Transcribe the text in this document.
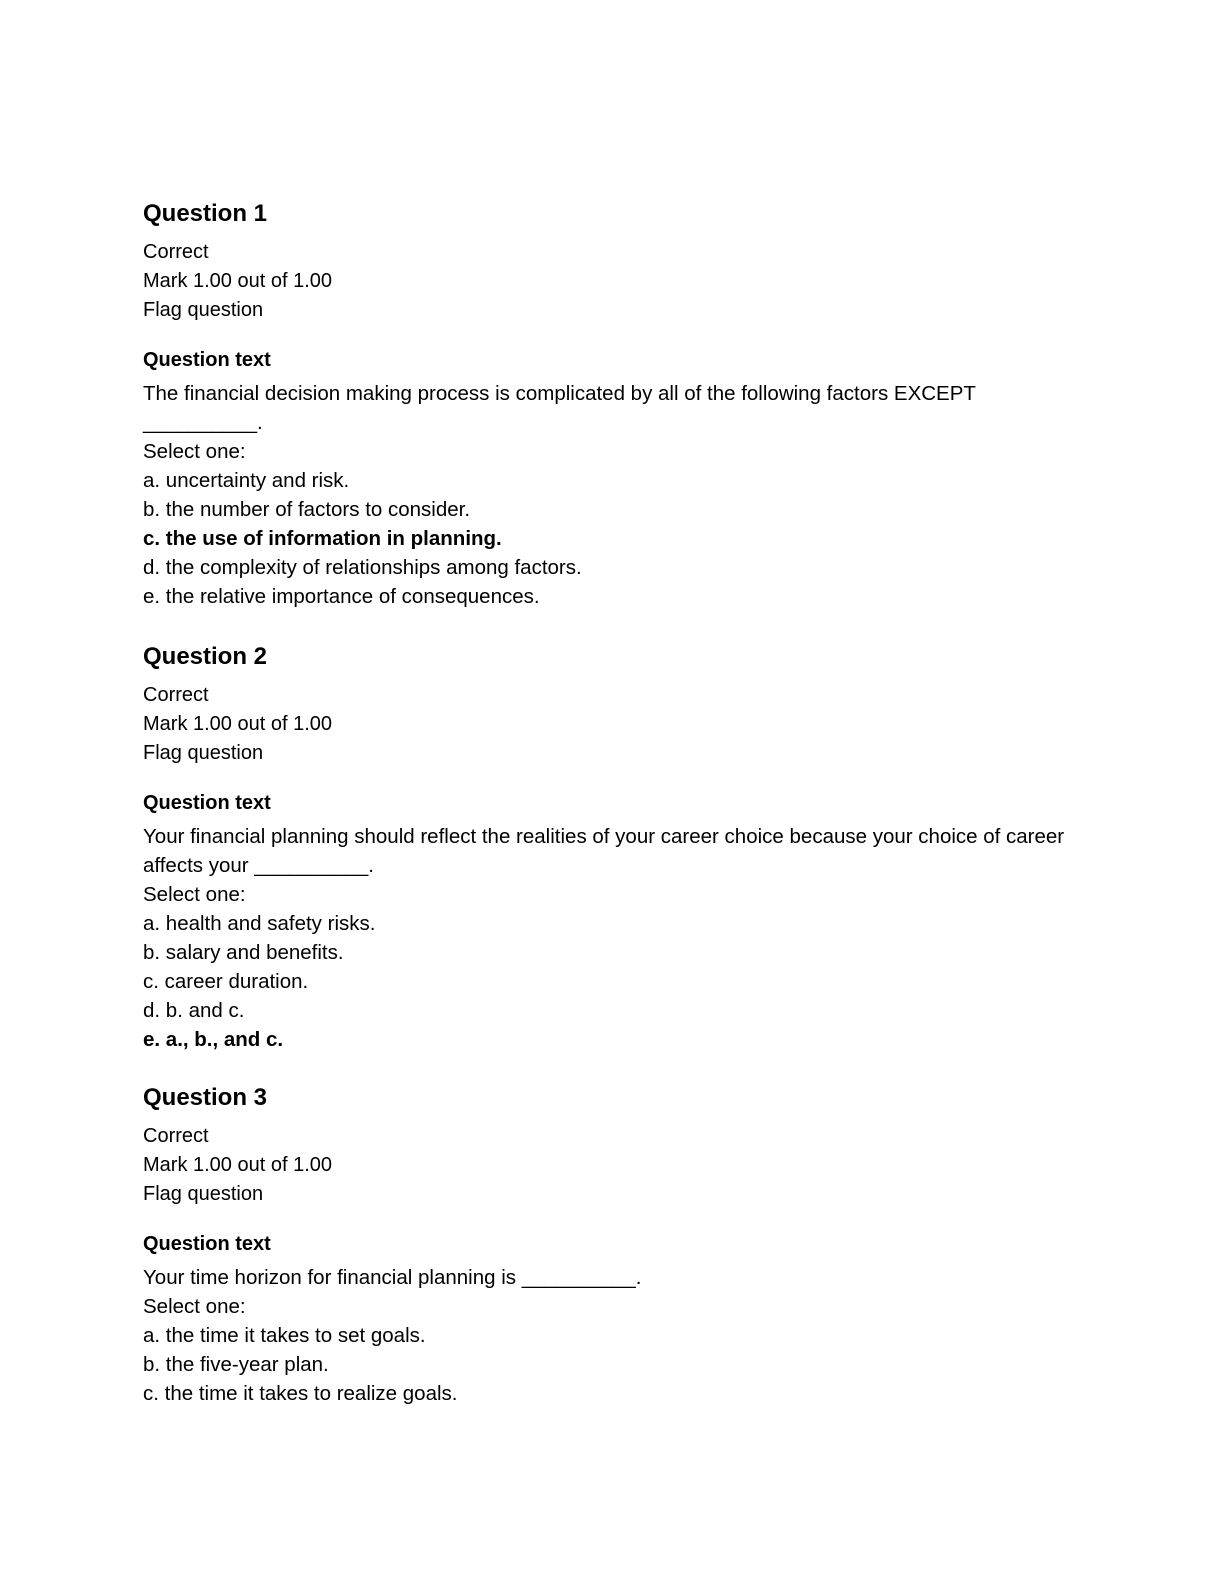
Question 1
Correct
Mark 1.00 out of 1.00
Flag question
Question text
The financial decision making process is complicated by all of the following factors EXCEPT __________.
Select one:
a. uncertainty and risk.
b. the number of factors to consider.
c. the use of information in planning.
d. the complexity of relationships among factors.
e. the relative importance of consequences.
Question 2
Correct
Mark 1.00 out of 1.00
Flag question
Question text
Your financial planning should reflect the realities of your career choice because your choice of career affects your __________.
Select one:
a. health and safety risks.
b. salary and benefits.
c. career duration.
d. b. and c.
e. a., b., and c.
Question 3
Correct
Mark 1.00 out of 1.00
Flag question
Question text
Your time horizon for financial planning is __________.
Select one:
a. the time it takes to set goals.
b. the five-year plan.
c. the time it takes to realize goals.
